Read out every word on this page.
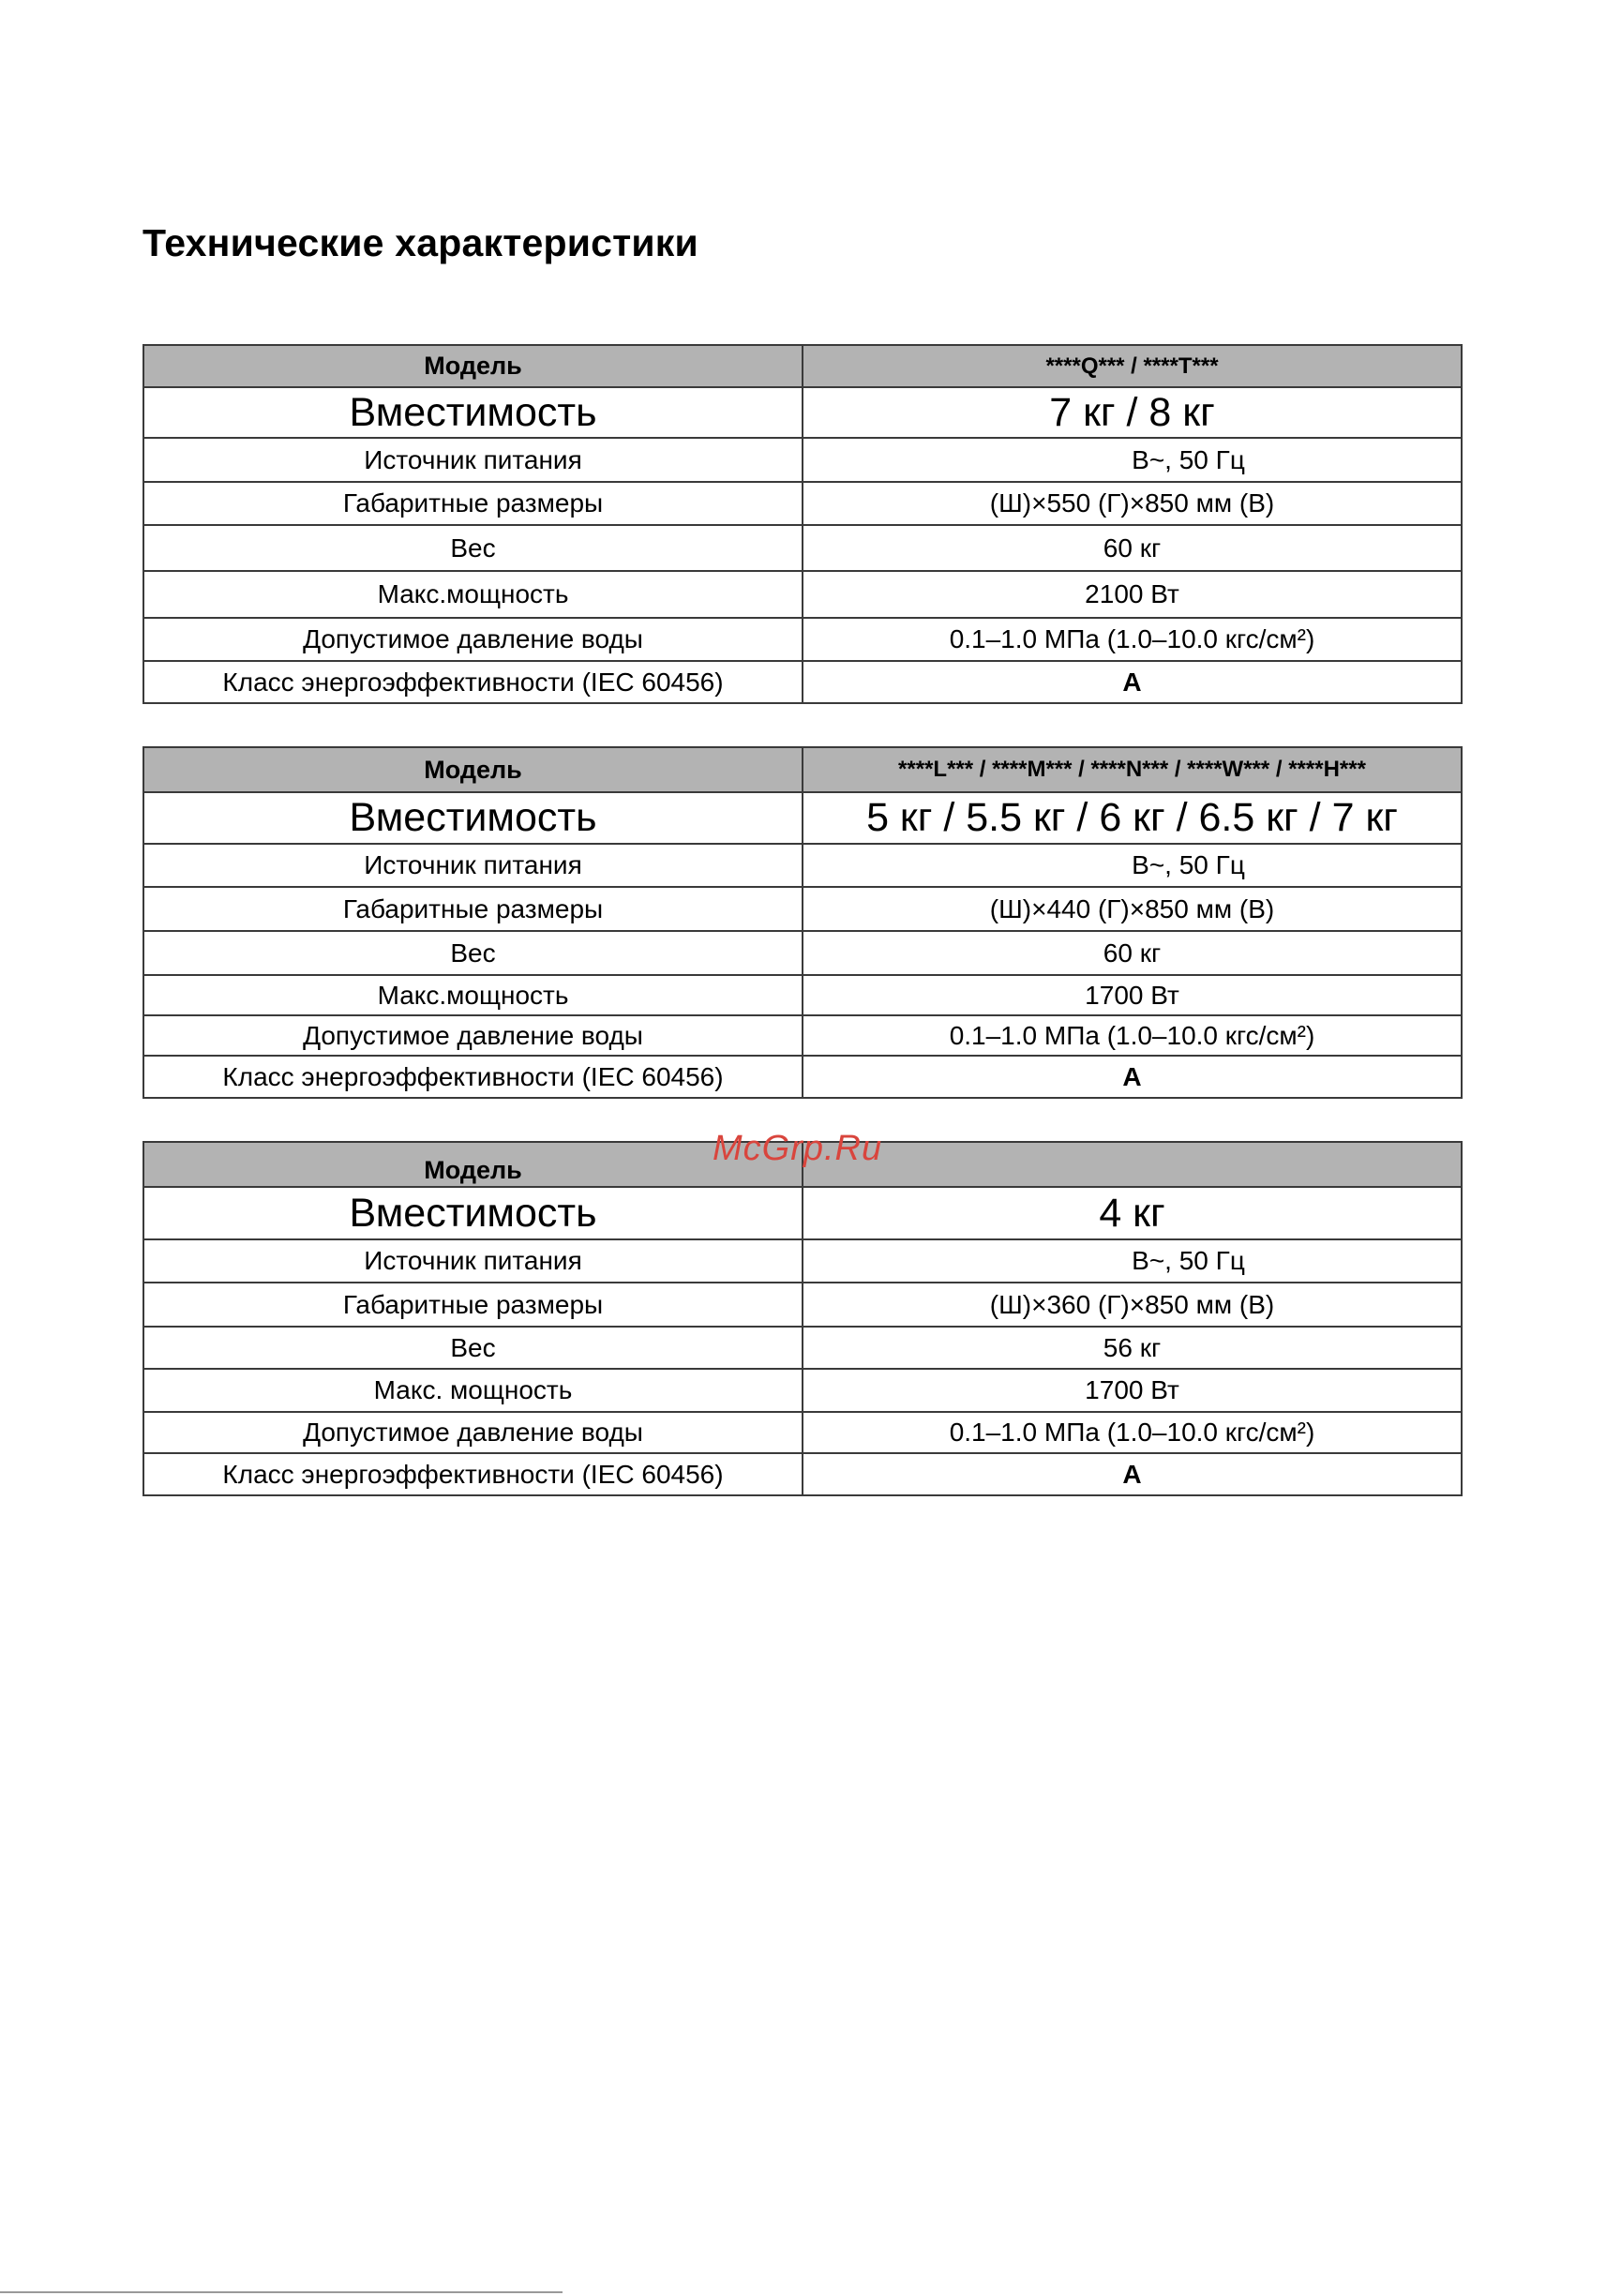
Технические характеристики
Модель	****Q*** / ****T***
Вместимость	7 кг / 8 кг
Источник питания	В~, 50 Гц
Габаритные размеры	(Ш)×550 (Г)×850 мм (В)
Вес	60 кг
Макс.мощность	2100 Вт
Допустимое давление воды	0.1–1.0 МПа (1.0–10.0 кгс/см²)
Класс энергоэффективности (IEC 60456)	A
Модель	****L*** / ****M*** / ****N*** / ****W*** / ****H***
Вместимость	5 кг / 5.5 кг / 6 кг / 6.5 кг / 7 кг
Источник питания	В~, 50 Гц
Габаритные размеры	(Ш)×440 (Г)×850 мм (В)
Вес	60 кг
Макс.мощность	1700 Вт
Допустимое давление воды	0.1–1.0 МПа (1.0–10.0 кгс/см²)
Класс энергоэффективности (IEC 60456)	A
Модель	
Вместимость	4 кг
Источник питания	В~, 50 Гц
Габаритные размеры	(Ш)×360 (Г)×850 мм (В)
Вес	56 кг
Макс. мощность	1700 Вт
Допустимое давление воды	0.1–1.0 МПа (1.0–10.0 кгс/см²)
Класс энергоэффективности (IEC 60456)	A
McGrp.Ru
